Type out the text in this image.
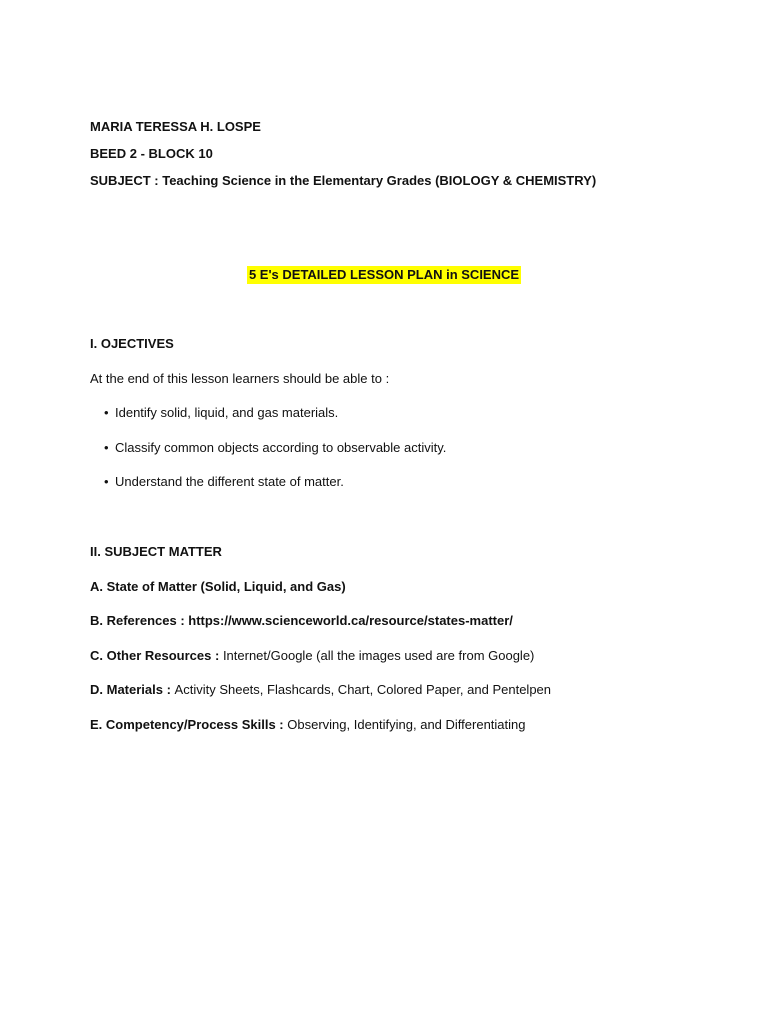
MARIA TERESSA H. LOSPE
BEED 2 - BLOCK 10
SUBJECT : Teaching Science in the Elementary Grades (BIOLOGY & CHEMISTRY)
5 E's DETAILED LESSON PLAN in SCIENCE
I. OJECTIVES
At the end of this lesson learners should be able to :
• Identify solid, liquid, and gas materials.
• Classify common objects according to observable activity.
• Understand the different state of matter.
II. SUBJECT MATTER
A. State of Matter (Solid, Liquid, and Gas)
B. References : https://www.scienceworld.ca/resource/states-matter/
C. Other Resources : Internet/Google (all the images used are from Google)
D. Materials : Activity Sheets, Flashcards, Chart, Colored Paper, and Pentelpen
E. Competency/Process Skills : Observing, Identifying, and Differentiating
